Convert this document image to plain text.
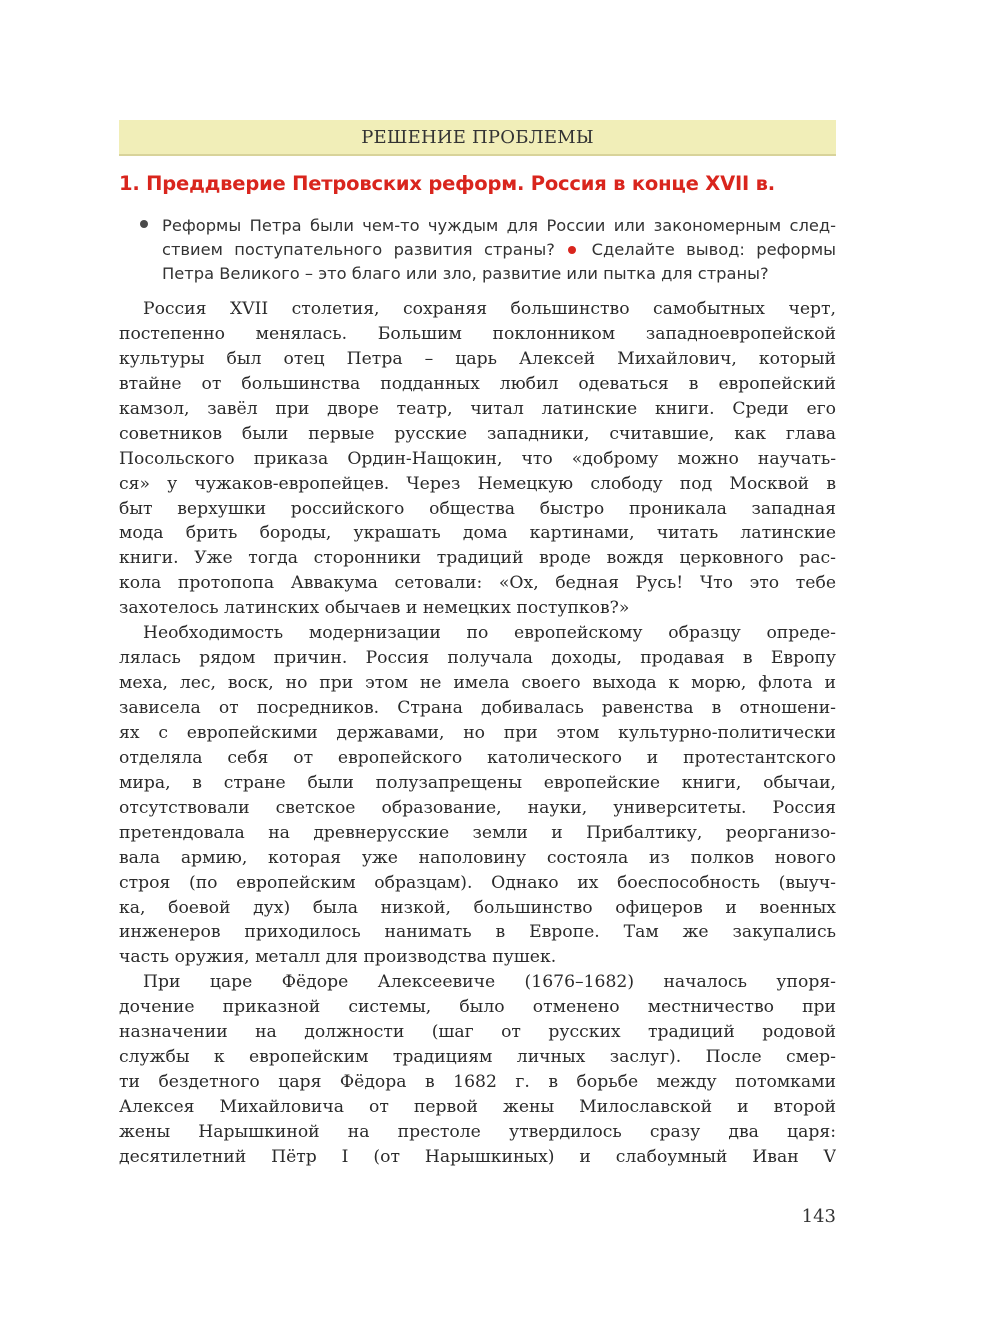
РЕШЕНИЕ ПРОБЛЕМЫ
1. Преддверие Петровских реформ. Россия в конце XVII в.
Реформы Петра были чем-то чуждым для России или закономерным след-
ствием поступательного развития страны? Сделайте вывод: реформы
Петра Великого – это благо или зло, развитие или пытка для страны?
Россия XVII столетия, сохраняя большинство самобытных черт,
постепенно менялась. Большим поклонником западноевропейской
культуры был отец Петра – царь Алексей Михайлович, который
втайне от большинства подданных любил одеваться в европейский
камзол, завёл при дворе театр, читал латинские книги. Среди его
советников были первые русские западники, считавшие, как глава
Посольского приказа Ордин-Нащокин, что «доброму можно научать-
ся» у чужаков-европейцев. Через Немецкую слободу под Москвой в
быт верхушки российского общества быстро проникала западная
мода брить бороды, украшать дома картинами, читать латинские
книги. Уже тогда сторонники традиций вроде вождя церковного рас-
кола протопопа Аввакума сетовали: «Ох, бедная Русь! Что это тебе
захотелось латинских обычаев и немецких поступков?»
Необходимость модернизации по европейскому образцу опреде-
лялась рядом причин. Россия получала доходы, продавая в Европу
меха, лес, воск, но при этом не имела своего выхода к морю, флота и
зависела от посредников. Страна добивалась равенства в отношени-
ях с европейскими державами, но при этом культурно-политически
отделяла себя от европейского католического и протестантского
мира, в стране были полузапрещены европейские книги, обычаи,
отсутствовали светское образование, науки, университеты. Россия
претендовала на древнерусские земли и Прибалтику, реорганизо-
вала армию, которая уже наполовину состояла из полков нового
строя (по европейским образцам). Однако их боеспособность (выуч-
ка, боевой дух) была низкой, большинство офицеров и военных
инженеров приходилось нанимать в Европе. Там же закупались
часть оружия, металл для производства пушек.
При царе Фёдоре Алексеевиче (1676–1682) началось упоря-
дочение приказной системы, было отменено местничество при
назначении на должности (шаг от русских традиций родовой
службы к европейским традициям личных заслуг). После смер-
ти бездетного царя Фёдора в 1682 г. в борьбе между потомками
Алексея Михайловича от первой жены Милославской и второй
жены Нарышкиной на престоле утвердилось сразу два царя:
десятилетний Пётр I (от Нарышкиных) и слабоумный Иван V
143
